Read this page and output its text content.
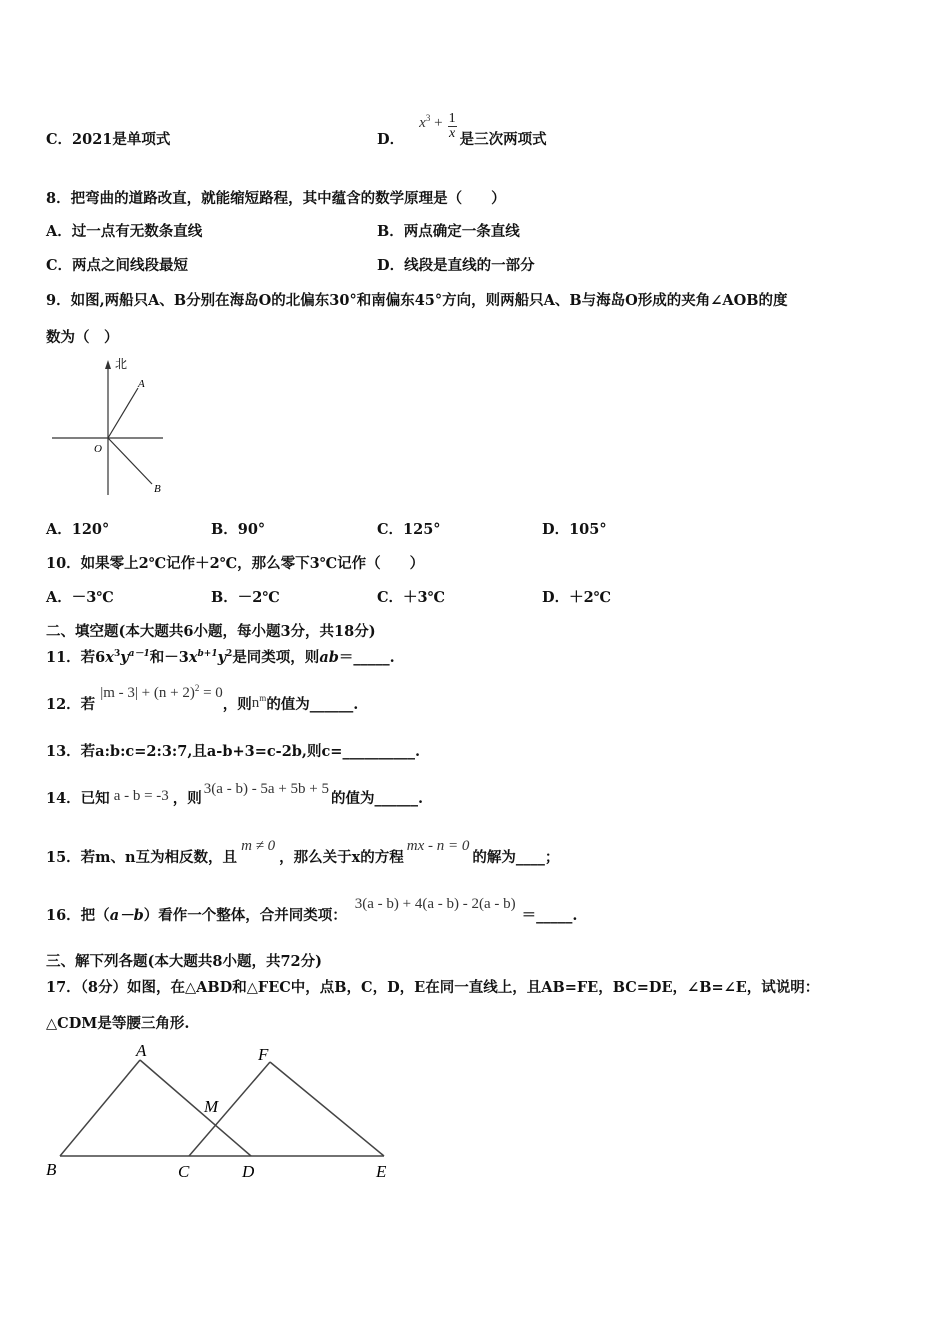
C．2021是单项式	D． $x^3 + \frac{1}{x}$ 是三次两项式
8．把弯曲的道路改直，就能缩短路程，其中蕴含的数学原理是（　　）
A．过一点有无数条直线	B．两点确定一条直线
C．两点之间线段最短	D．线段是直线的一部分
9．如图,两船只A、B分别在海岛O的北偏东30°和南偏东45°方向，则两船只A、B与海岛O形成的夹角∠AOB的度
数为（　）
北
A
O
B
A．120°	B．90°	C．125°	D．105°
10．如果零上2℃记作＋2℃，那么零下3℃记作（　　）
A．－3℃	B．－2℃	C．＋3℃	D．＋2℃
二、填空题(本大题共6小题，每小题3分，共18分)
11．若$6x^3y^{a-1}$和$-3x^{b+1}y^2$是同类项，则ab＝_____.
12．若 $|m - 3| + (n + 2)^2 = 0$，则$n^m$的值为______.
13．若a:b:c=2:3:7,且a-b+3=c-2b,则c=__________.
14．已知 a - b = -3 ，则3(a - b) - 5a + 5b + 5的值为______.
15．若m、n互为相反数，且m ≠ 0，那么关于x的方程mx - n = 0的解为____；
16．把（a－b）看作一个整体，合并同类项：3(a - b) + 4(a - b) - 2(a - b)＝_____.
三、解下列各题(本大题共8小题，共72分)
17．（8分）如图，在△ABD和△FEC中，点B，C，D，E在同一直线上，且AB=FE，BC=DE，∠B=∠E，试说明：
△CDM是等腰三角形.
A	F
M
B	C	D	E
